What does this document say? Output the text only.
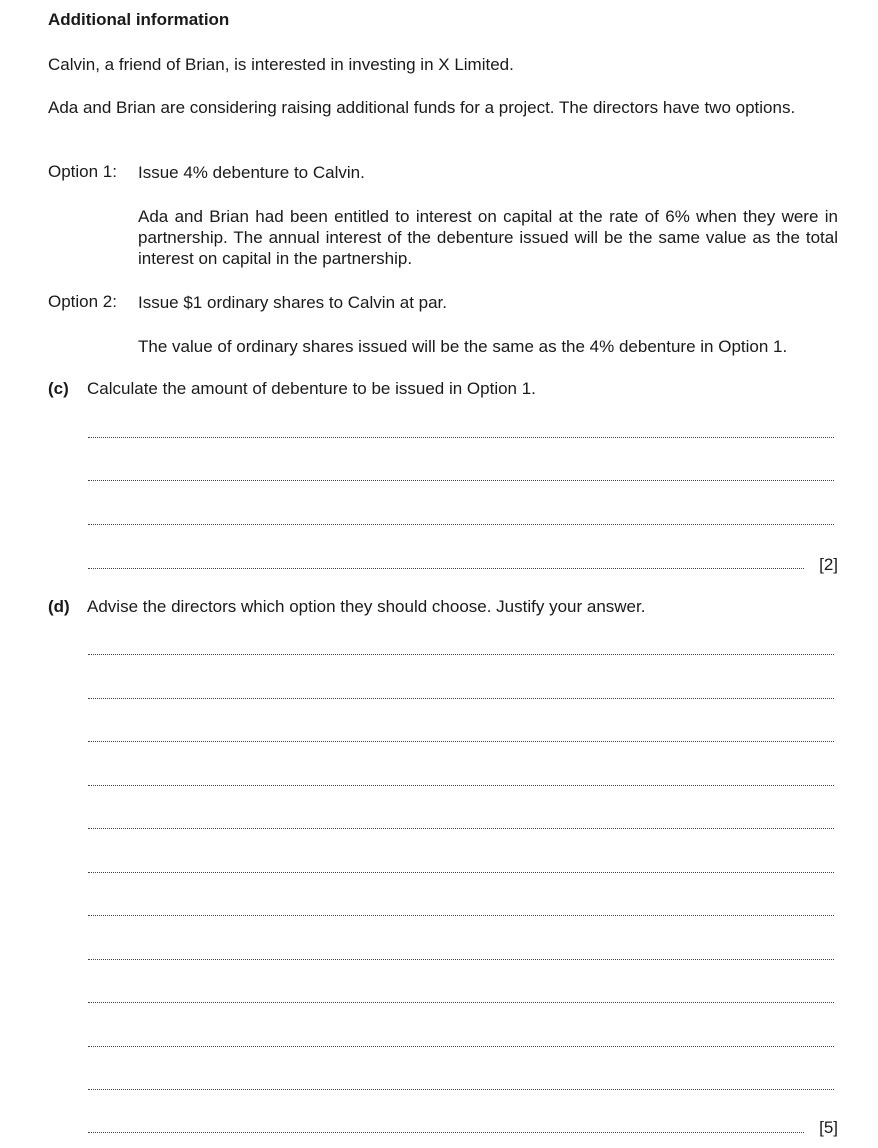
Additional information
Calvin, a friend of Brian, is interested in investing in X Limited.
Ada and Brian are considering raising additional funds for a project. The directors have two options.
Option 1: Issue 4% debenture to Calvin.
Ada and Brian had been entitled to interest on capital at the rate of 6% when they were in partnership. The annual interest of the debenture issued will be the same value as the total interest on capital in the partnership.
Option 2: Issue $1 ordinary shares to Calvin at par.
The value of ordinary shares issued will be the same as the 4% debenture in Option 1.
(c) Calculate the amount of debenture to be issued in Option 1.
[2]
(d) Advise the directors which option they should choose. Justify your answer.
[5]
